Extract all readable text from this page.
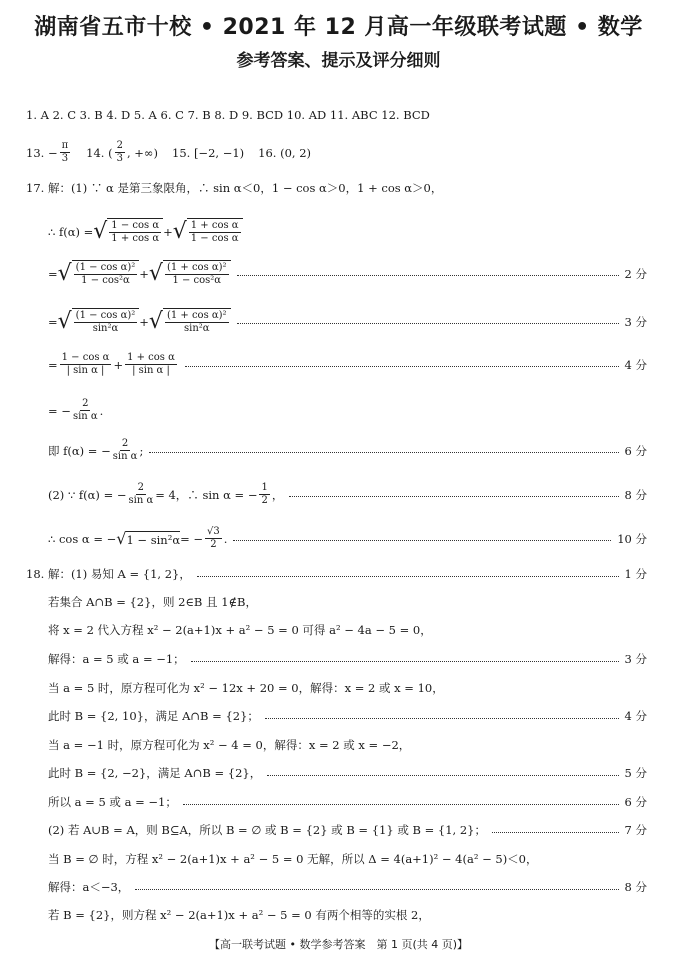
湖南省五市十校 • 2021 年 12 月高一年级联考试题 • 数学
参考答案、提示及评分细则
1. A 2. C 3. B 4. D 5. A 6. C 7. B 8. D 9. BCD 10. AD 11. ABC 12. BCD
13. − $\frac{\pi}{3} 14$. ( $\frac{2}{3}$ , +∞) 15. [−2, −1) 16. (0, 2)
17. 解：(1) ∵ α 是第三象限角，∴ sin α＜0，1 − cos α＞0，1 + cos α＞0，
∴ f(α) = √ $\frac{\text{1 − cos α}}{\text{1 + cos α}}$ + √ $\frac{\text{1 + cos α}}{\text{1 − cos α}}$
= √ $\frac{\text{(1 − cos α)²}}{\text{1 − cos²α}}$ + √ $\frac{\text{(1 + cos α)²}}{\text{1 − cos²α}}$	2 分
= √ $\frac{\text{(1 − cos α)²}}{\text{sin²α}}$ + √ $\frac{\text{(1 + cos α)²}}{\text{sin²α}}$	3 分
= $\frac{\text{1 − cos α}}{\text{| sin α |}} + \frac{\text{1 + cos α}}{\text{| sin α |}}$	4 分
= − $\frac{2}{\text{sin α}}$ .
即 f(α) = − $\frac{2}{\text{sin α}}$ ;	6 分
(2) ∵ f(α) = − $\frac{2}{\text{sin α}} = 4$，∴ sin α = − $\frac{1}{2}$ ，	8 分
∴ cos α = − √ 1 − sin²α = − $\frac{√3}{2}$ .	10 分
18. 解：(1) 易知 A = {1, 2}，	1 分
若集合 A∩B = {2}，则 2∈B 且 1∉B，
将 x = 2 代入方程 x² − 2(a+1)x + a² − 5 = 0 可得 a² − 4a − 5 = 0，
解得：a = 5 或 a = −1；	3 分
当 a = 5 时，原方程可化为 x² − 12x + 20 = 0，解得：x = 2 或 x = 10，
此时 B = {2, 10}，满足 A∩B = {2}；	4 分
当 a = −1 时，原方程可化为 x² − 4 = 0，解得：x = 2 或 x = −2，
此时 B = {2, −2}，满足 A∩B = {2}，	5 分
所以 a = 5 或 a = −1；	6 分
(2) 若 A∪B = A，则 B⊆A，所以 B = ∅ 或 B = {2} 或 B = {1} 或 B = {1, 2}；	7 分
当 B = ∅ 时，方程 x² − 2(a+1)x + a² − 5 = 0 无解，所以 Δ = 4(a+1)² − 4(a² − 5)＜0，
解得：a＜−3，	8 分
若 B = {2}，则方程 x² − 2(a+1)x + a² − 5 = 0 有两个相等的实根 2，
【高一联考试题 • 数学参考答案　第 1 页(共 4 页)】
